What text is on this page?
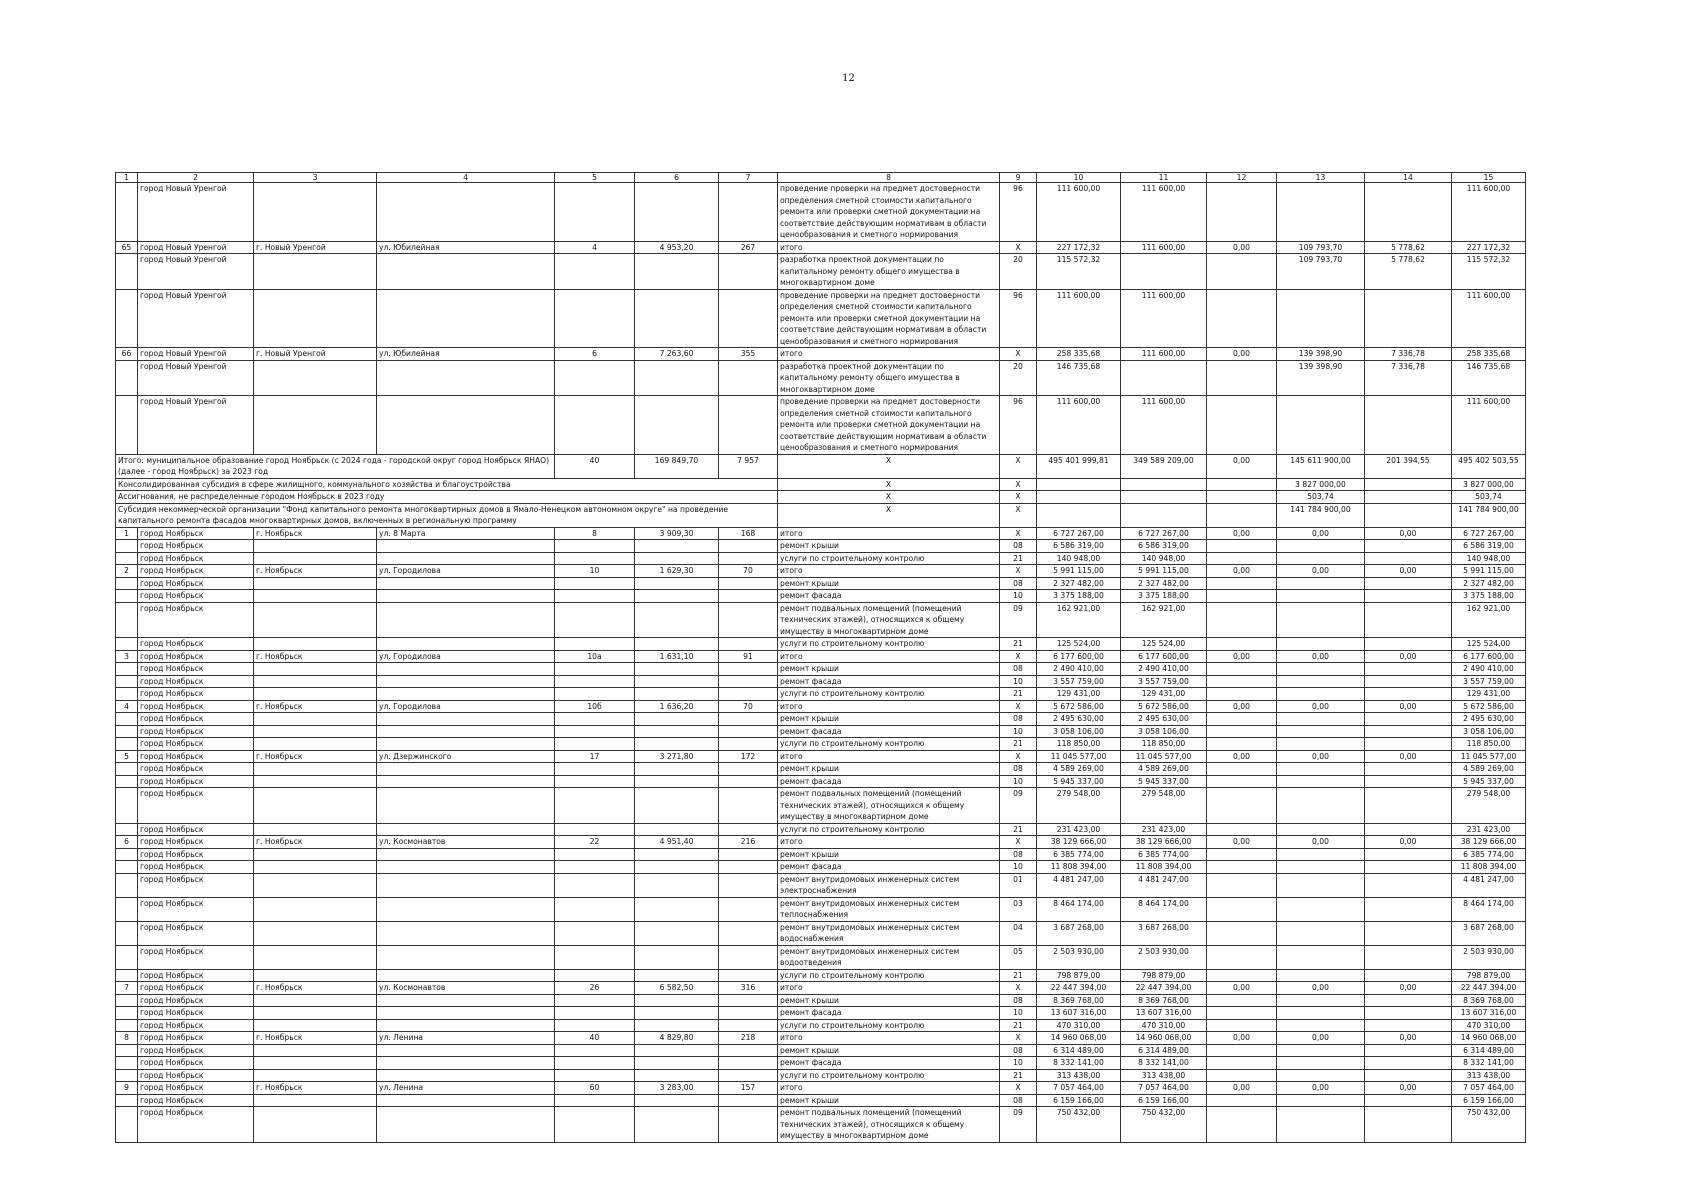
12
1	2	3	4	5	6	7	8	9	10	11	12	13	14	15
	город Новый Уренгой						проведение проверки на предмет достоверности определения сметной стоимости капитального ремонта или проверки сметной документации на соответствие действующим нормативам в области ценообразования и сметного нормирования	96	111 600,00	111 600,00				111 600,00
65	город Новый Уренгой	г. Новый Уренгой	ул. Юбилейная	4	4 953,20	267	итого	X	227 172,32	111 600,00	0,00	109 793,70	5 778,62	227 172,32
	город Новый Уренгой						разработка проектной документации по капитальному ремонту общего имущества в многоквартирном доме	20	115 572,32			109 793,70	5 778,62	115 572,32
	город Новый Уренгой						проведение проверки на предмет достоверности определения сметной стоимости капитального ремонта или проверки сметной документации на соответствие действующим нормативам в области ценообразования и сметного нормирования	96	111 600,00	111 600,00				111 600,00
66	город Новый Уренгой	г. Новый Уренгой	ул. Юбилейная	6	7 263,60	355	итого	X	258 335,68	111 600,00	0,00	139 398,90	7 336,78	258 335,68
	город Новый Уренгой						разработка проектной документации по капитальному ремонту общего имущества в многоквартирном доме	20	146 735,68			139 398,90	7 336,78	146 735,68
	город Новый Уренгой						проведение проверки на предмет достоверности определения сметной стоимости капитального ремонта или проверки сметной документации на соответствие действующим нормативам в области ценообразования и сметного нормирования	96	111 600,00	111 600,00				111 600,00
Итого: муниципальное образование город Ноябрьск (с 2024 года - городской округ город Ноябрьск ЯНАО) (далее - город Ноябрьск) за 2023 год				40	169 849,70	7 957	X	X	495 401 999,81	349 589 209,00	0,00	145 611 900,00	201 394,55	495 402 503,55
Консолидированная субсидия в сфере жилищного, коммунального хозяйства и благоустройства							X	X				3 827 000,00		3 827 000,00
Ассигнования, не распределенные городом Ноябрьск в 2023 году							X	X				503,74		503,74
Субсидия некоммерческой организации "Фонд капитального ремонта многоквартирных домов в Ямало-Ненецком автономном округе" на проведение капитального ремонта фасадов многоквартирных домов, включенных в региональную программу							X	X				141 784 900,00		141 784 900,00
1	город Ноябрьск	г. Ноябрьск	ул. 8 Марта	8	3 909,30	168	итого	X	6 727 267,00	6 727 267,00	0,00	0,00	0,00	6 727 267,00
	город Ноябрьск						ремонт крыши	08	6 586 319,00	6 586 319,00				6 586 319,00
	город Ноябрьск						услуги по строительному контролю	21	140 948,00	140 948,00				140 948,00
2	город Ноябрьск	г. Ноябрьск	ул. Городилова	10	1 629,30	70	итого	X	5 991 115,00	5 991 115,00	0,00	0,00	0,00	5 991 115,00
	город Ноябрьск						ремонт крыши	08	2 327 482,00	2 327 482,00				2 327 482,00
	город Ноябрьск						ремонт фасада	10	3 375 188,00	3 375 188,00				3 375 188,00
	город Ноябрьск						ремонт подвальных помещений (помещений технических этажей), относящихся к общему имуществу в многоквартирном доме	09	162 921,00	162 921,00				162 921,00
	город Ноябрьск						услуги по строительному контролю	21	125 524,00	125 524,00				125 524,00
3	город Ноябрьск	г. Ноябрьск	ул. Городилова	10а	1 631,10	91	итого	X	6 177 600,00	6 177 600,00	0,00	0,00	0,00	6 177 600,00
	город Ноябрьск						ремонт крыши	08	2 490 410,00	2 490 410,00				2 490 410,00
	город Ноябрьск						ремонт фасада	10	3 557 759,00	3 557 759,00				3 557 759,00
	город Ноябрьск						услуги по строительному контролю	21	129 431,00	129 431,00				129 431,00
4	город Ноябрьск	г. Ноябрьск	ул. Городилова	10б	1 636,20	70	итого	X	5 672 586,00	5 672 586,00	0,00	0,00	0,00	5 672 586,00
	город Ноябрьск						ремонт крыши	08	2 495 630,00	2 495 630,00				2 495 630,00
	город Ноябрьск						ремонт фасада	10	3 058 106,00	3 058 106,00				3 058 106,00
	город Ноябрьск						услуги по строительному контролю	21	118 850,00	118 850,00				118 850,00
5	город Ноябрьск	г. Ноябрьск	ул. Дзержинского	17	3 271,80	172	итого	X	11 045 577,00	11 045 577,00	0,00	0,00	0,00	11 045 577,00
	город Ноябрьск						ремонт крыши	08	4 589 269,00	4 589 269,00				4 589 269,00
	город Ноябрьск						ремонт фасада	10	5 945 337,00	5 945 337,00				5 945 337,00
	город Ноябрьск						ремонт подвальных помещений (помещений технических этажей), относящихся к общему имуществу в многоквартирном доме	09	279 548,00	279 548,00				279 548,00
	город Ноябрьск						услуги по строительному контролю	21	231 423,00	231 423,00				231 423,00
6	город Ноябрьск	г. Ноябрьск	ул. Космонавтов	22	4 951,40	216	итого	X	38 129 666,00	38 129 666,00	0,00	0,00	0,00	38 129 666,00
	город Ноябрьск						ремонт крыши	08	6 385 774,00	6 385 774,00				6 385 774,00
	город Ноябрьск						ремонт фасада	10	11 808 394,00	11 808 394,00				11 808 394,00
	город Ноябрьск						ремонт внутридомовых инженерных систем электроснабжения	01	4 481 247,00	4 481 247,00				4 481 247,00
	город Ноябрьск						ремонт внутридомовых инженерных систем теплоснабжения	03	8 464 174,00	8 464 174,00				8 464 174,00
	город Ноябрьск						ремонт внутридомовых инженерных систем водоснабжения	04	3 687 268,00	3 687 268,00				3 687 268,00
	город Ноябрьск						ремонт внутридомовых инженерных систем водоотведения	05	2 503 930,00	2 503 930,00				2 503 930,00
	город Ноябрьск						услуги по строительному контролю	21	798 879,00	798 879,00				798 879,00
7	город Ноябрьск	г. Ноябрьск	ул. Космонавтов	26	6 582,50	316	итого	X	22 447 394,00	22 447 394,00	0,00	0,00	0,00	22 447 394,00
	город Ноябрьск						ремонт крыши	08	8 369 768,00	8 369 768,00				8 369 768,00
	город Ноябрьск						ремонт фасада	10	13 607 316,00	13 607 316,00				13 607 316,00
	город Ноябрьск						услуги по строительному контролю	21	470 310,00	470 310,00				470 310,00
8	город Ноябрьск	г. Ноябрьск	ул. Ленина	40	4 829,80	218	итого	X	14 960 068,00	14 960 068,00	0,00	0,00	0,00	14 960 068,00
	город Ноябрьск						ремонт крыши	08	6 314 489,00	6 314 489,00				6 314 489,00
	город Ноябрьск						ремонт фасада	10	8 332 141,00	8 332 141,00				8 332 141,00
	город Ноябрьск						услуги по строительному контролю	21	313 438,00	313 438,00				313 438,00
9	город Ноябрьск	г. Ноябрьск	ул. Ленина	60	3 283,00	157	итого	X	7 057 464,00	7 057 464,00	0,00	0,00	0,00	7 057 464,00
	город Ноябрьск						ремонт крыши	08	6 159 166,00	6 159 166,00				6 159 166,00
	город Ноябрьск						ремонт подвальных помещений (помещений технических этажей), относящихся к общему имуществу в многоквартирном доме	09	750 432,00	750 432,00				750 432,00
